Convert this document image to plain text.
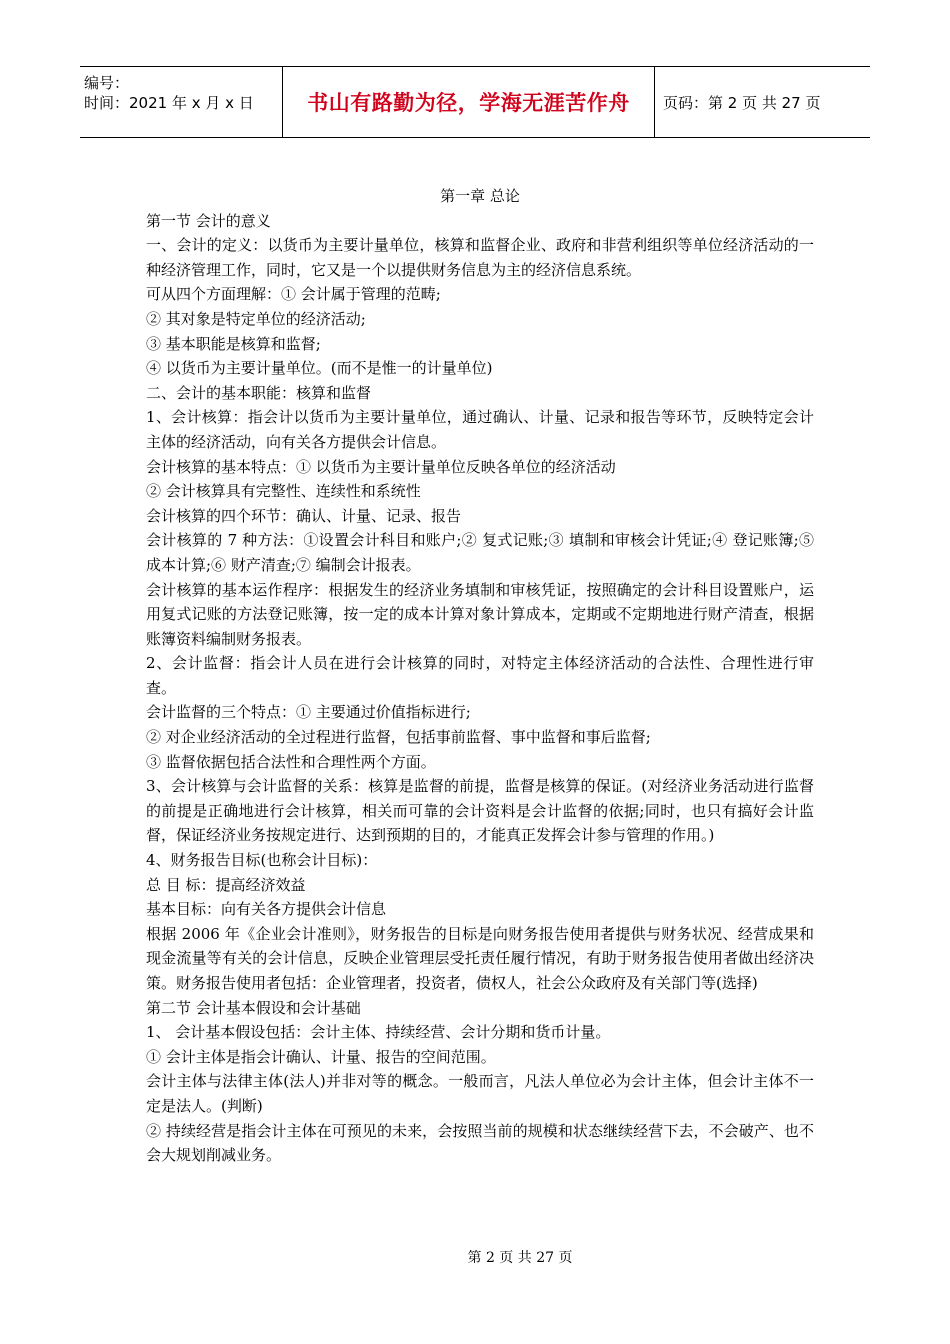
编号：
时间：2021 年 x 月 x 日	书山有路勤为径，学海无涯苦作舟 页码：第 2 页 共 27 页
第一章 总论

第一节 会计的意义

一、会计的定义：以货币为主要计量单位，核算和监督企业、政府和非营利组织等单位经济活动的一种经济管理工作，同时，它又是一个以提供财务信息为主的经济信息系统。

可从四个方面理解：① 会计属于管理的范畴;

② 其对象是特定单位的经济活动;

③ 基本职能是核算和监督;

④ 以货币为主要计量单位。(而不是惟一的计量单位)

二、会计的基本职能：核算和监督

1、会计核算：指会计以货币为主要计量单位，通过确认、计量、记录和报告等环节，反映特定会计主体的经济活动，向有关各方提供会计信息。

会计核算的基本特点：① 以货币为主要计量单位反映各单位的经济活动

② 会计核算具有完整性、连续性和系统性

会计核算的四个环节：确认、计量、记录、报告

会计核算的 7 种方法：①设置会计科目和账户;② 复式记账;③ 填制和审核会计凭证;④ 登记账簿;⑤ 成本计算;⑥ 财产清查;⑦ 编制会计报表。

会计核算的基本运作程序：根据发生的经济业务填制和审核凭证，按照确定的会计科目设置账户，运用复式记账的方法登记账簿，按一定的成本计算对象计算成本，定期或不定期地进行财产清查，根据账簿资料编制财务报表。

2、会计监督：指会计人员在进行会计核算的同时，对特定主体经济活动的合法性、合理性进行审查。

会计监督的三个特点：① 主要通过价值指标进行;

② 对企业经济活动的全过程进行监督，包括事前监督、事中监督和事后监督;

③ 监督依据包括合法性和合理性两个方面。

3、会计核算与会计监督的关系：核算是监督的前提，监督是核算的保证。(对经济业务活动进行监督的前提是正确地进行会计核算，相关而可靠的会计资料是会计监督的依据;同时，也只有搞好会计监督，保证经济业务按规定进行、达到预期的目的，才能真正发挥会计参与管理的作用。)

4、财务报告目标(也称会计目标)：

总 目 标：提高经济效益

基本目标：向有关各方提供会计信息

根据 2006 年《企业会计准则》，财务报告的目标是向财务报告使用者提供与财务状况、经营成果和现金流量等有关的会计信息，反映企业管理层受托责任履行情况，有助于财务报告使用者做出经济决策。财务报告使用者包括：企业管理者，投资者，债权人，社会公众政府及有关部门等(选择)

第二节 会计基本假设和会计基础

1、 会计基本假设包括：会计主体、持续经营、会计分期和货币计量。

① 会计主体是指会计确认、计量、报告的空间范围。

会计主体与法律主体(法人)并非对等的概念。一般而言，凡法人单位必为会计主体，但会计主体不一定是法人。(判断)

② 持续经营是指会计主体在可预见的未来，会按照当前的规模和状态继续经营下去，不会破产、也不会大规划削减业务。

第 2 页 共 27 页
